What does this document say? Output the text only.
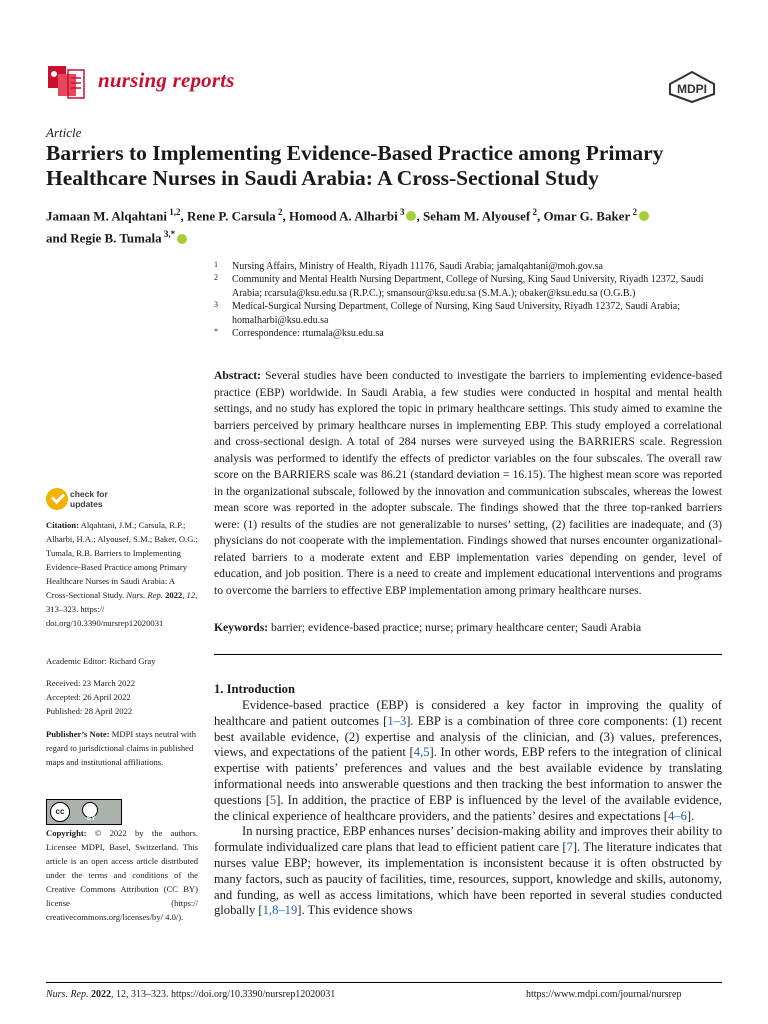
nursing reports	MDPI
Article
Barriers to Implementing Evidence-Based Practice among Primary Healthcare Nurses in Saudi Arabia: A Cross-Sectional Study
Jamaan M. Alqahtani $^{1,2}$, Rene P. Carsula $^2$, Homood A. Alharbi $^3$ , Seham M. Alyousef $^2$, Omar G. Baker $^2$
and Regie B. Tumala $^{3,*}$
1 Nursing Affairs, Ministry of Health, Riyadh 11176, Saudi Arabia; jamalqahtani@moh.gov.sa
2 Community and Mental Health Nursing Department, College of Nursing, King Saud University, Riyadh 12372, Saudi Arabia; rcarsula@ksu.edu.sa (R.P.C.); smansour@ksu.edu.sa (S.M.A.); obaker@ksu.edu.sa (O.G.B.)
3 Medical-Surgical Nursing Department, College of Nursing, King Saud University, Riyadh 12372, Saudi Arabia; homalharbi@ksu.edu.sa
* Correspondence: rtumala@ksu.edu.sa
Abstract: Several studies have been conducted to investigate the barriers to implementing evidence-based practice (EBP) worldwide. In Saudi Arabia, a few studies were conducted in hospital and mental health settings, and no study has explored the topic in primary healthcare settings. This study aimed to examine the barriers perceived by primary healthcare nurses in implementing EBP. This study employed a correlational and cross-sectional design. A total of 284 nurses were surveyed using the BARRIERS scale. Regression analysis was performed to identify the effects of predictor variables on the four subscales. The overall raw score on the BARRIERS scale was 86.21 (standard deviation = 16.15). The highest mean score was reported in the organizational subscale, followed by the innovation and communication subscales, whereas the lowest mean score was reported in the adopter subscale. The findings showed that the three top-ranked barriers were: (1) results of the studies are not generalizable to nurses’ setting, (2) facilities are inadequate, and (3) physicians do not cooperate with the implementation. Findings showed that nurses encounter organizational-related barriers to a moderate extent and EBP implementation varies depending on gender, level of education, and job position. There is a need to create and implement educational interventions and programs to overcome the barriers to effective EBP implementation among primary healthcare nurses.
Keywords: barrier; evidence-based practice; nurse; primary healthcare center; Saudi Arabia
check for
updates
Citation: Alqahtani, J.M.; Carsula, R.P.; Alharbi, H.A.; Alyousef, S.M.; Baker, O.G.; Tumala, R.B. Barriers to Implementing Evidence-Based Practice among Primary Healthcare Nurses in Saudi Arabia: A Cross-Sectional Study. Nurs. Rep. 2022, 12, 313–323. https:// doi.org/10.3390/nursrep12020031
Academic Editor: Richard Gray
Received: 23 March 2022
Accepted: 26 April 2022
Published: 28 April 2022
Publisher’s Note: MDPI stays neutral with regard to jurisdictional claims in published maps and institutional affiliations.
cc
BY
Copyright: © 2022 by the authors. Licensee MDPI, Basel, Switzerland. This article is an open access article distributed under the terms and conditions of the Creative Commons Attribution (CC BY) license (https:// creativecommons.org/licenses/by/ 4.0/).
1. Introduction

Evidence-based practice (EBP) is considered a key factor in improving the quality of healthcare and patient outcomes [1–3]. EBP is a combination of three core components: (1) recent best available evidence, (2) expertise and analysis of the clinician, and (3) values, preferences, views, and expectations of the patient [4,5]. In other words, EBP refers to the integration of clinical expertise with patients’ preferences and values and the best available evidence by translating informational needs into answerable questions and then tracking the best information to answer the questions [5]. In addition, the practice of EBP is influenced by the level of the available evidence, the clinical experience of healthcare providers, and the patients’ desires and expectations [4–6].

In nursing practice, EBP enhances nurses’ decision-making ability and improves their ability to formulate individualized care plans that lead to efficient patient care [7]. The literature indicates that nurses value EBP; however, its implementation is inconsistent because it is often obstructed by many factors, such as paucity of facilities, time, resources, support, knowledge and skills, autonomy, and funding, as well as access limitations, which have been reported in several studies conducted globally [1,8–19]. This evidence shows

Nurs. Rep. 2022, 12, 313–323. https://doi.org/10.3390/nursrep12020031	https://www.mdpi.com/journal/nursrep
